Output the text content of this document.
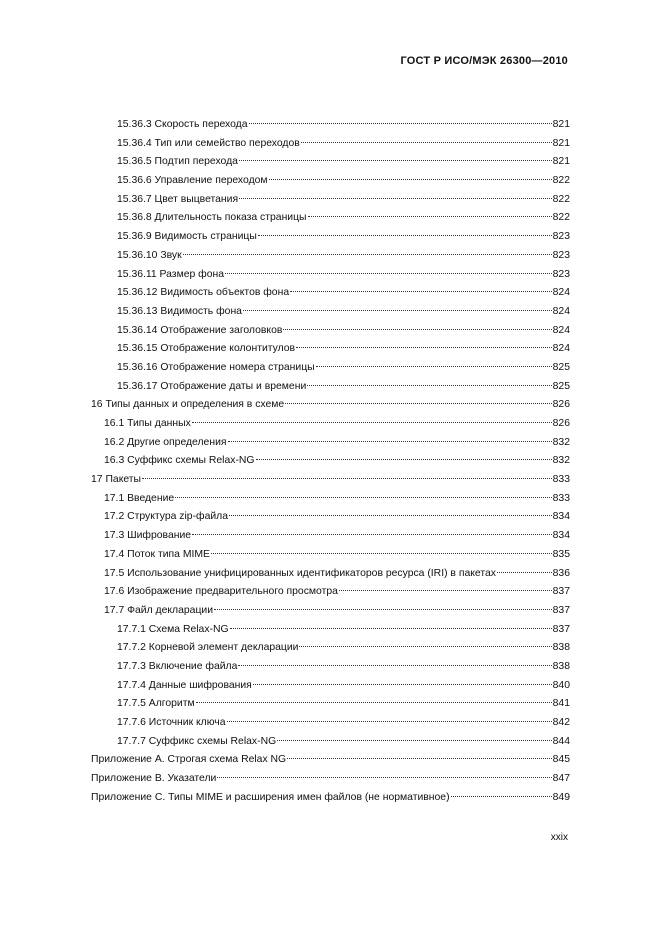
ГОСТ Р ИСО/МЭК 26300—2010
15.36.3 Скорость перехода	821
15.36.4 Тип или семейство переходов	821
15.36.5 Подтип перехода	821
15.36.6 Управление переходом	822
15.36.7 Цвет выцветания	822
15.36.8 Длительность показа страницы	822
15.36.9 Видимость страницы	823
15.36.10 Звук	823
15.36.11 Размер фона	823
15.36.12 Видимость объектов фона	824
15.36.13 Видимость фона	824
15.36.14 Отображение заголовков	824
15.36.15 Отображение колонтитулов	824
15.36.16 Отображение номера страницы	825
15.36.17 Отображение даты и времени	825
16 Типы данных и определения в схеме	826
16.1 Типы данных	826
16.2 Другие определения	832
16.3 Суффикс схемы Relax-NG	832
17 Пакеты	833
17.1 Введение	833
17.2 Структура zip-файла	834
17.3 Шифрование	834
17.4 Поток типа MIME	835
17.5 Использование унифицированных идентификаторов ресурса (IRI) в пакетах	836
17.6 Изображение предварительного просмотра	837
17.7 Файл декларации	837
17.7.1 Схема Relax-NG	837
17.7.2 Корневой элемент декларации	838
17.7.3 Включение файла	838
17.7.4 Данные шифрования	840
17.7.5 Алгоритм	841
17.7.6 Источник ключа	842
17.7.7 Суффикс схемы Relax-NG	844
Приложение А. Строгая схема Relax NG	845
Приложение В. Указатели	847
Приложение С. Типы MIME и расширения имен файлов (не нормативное)	849
xxix
